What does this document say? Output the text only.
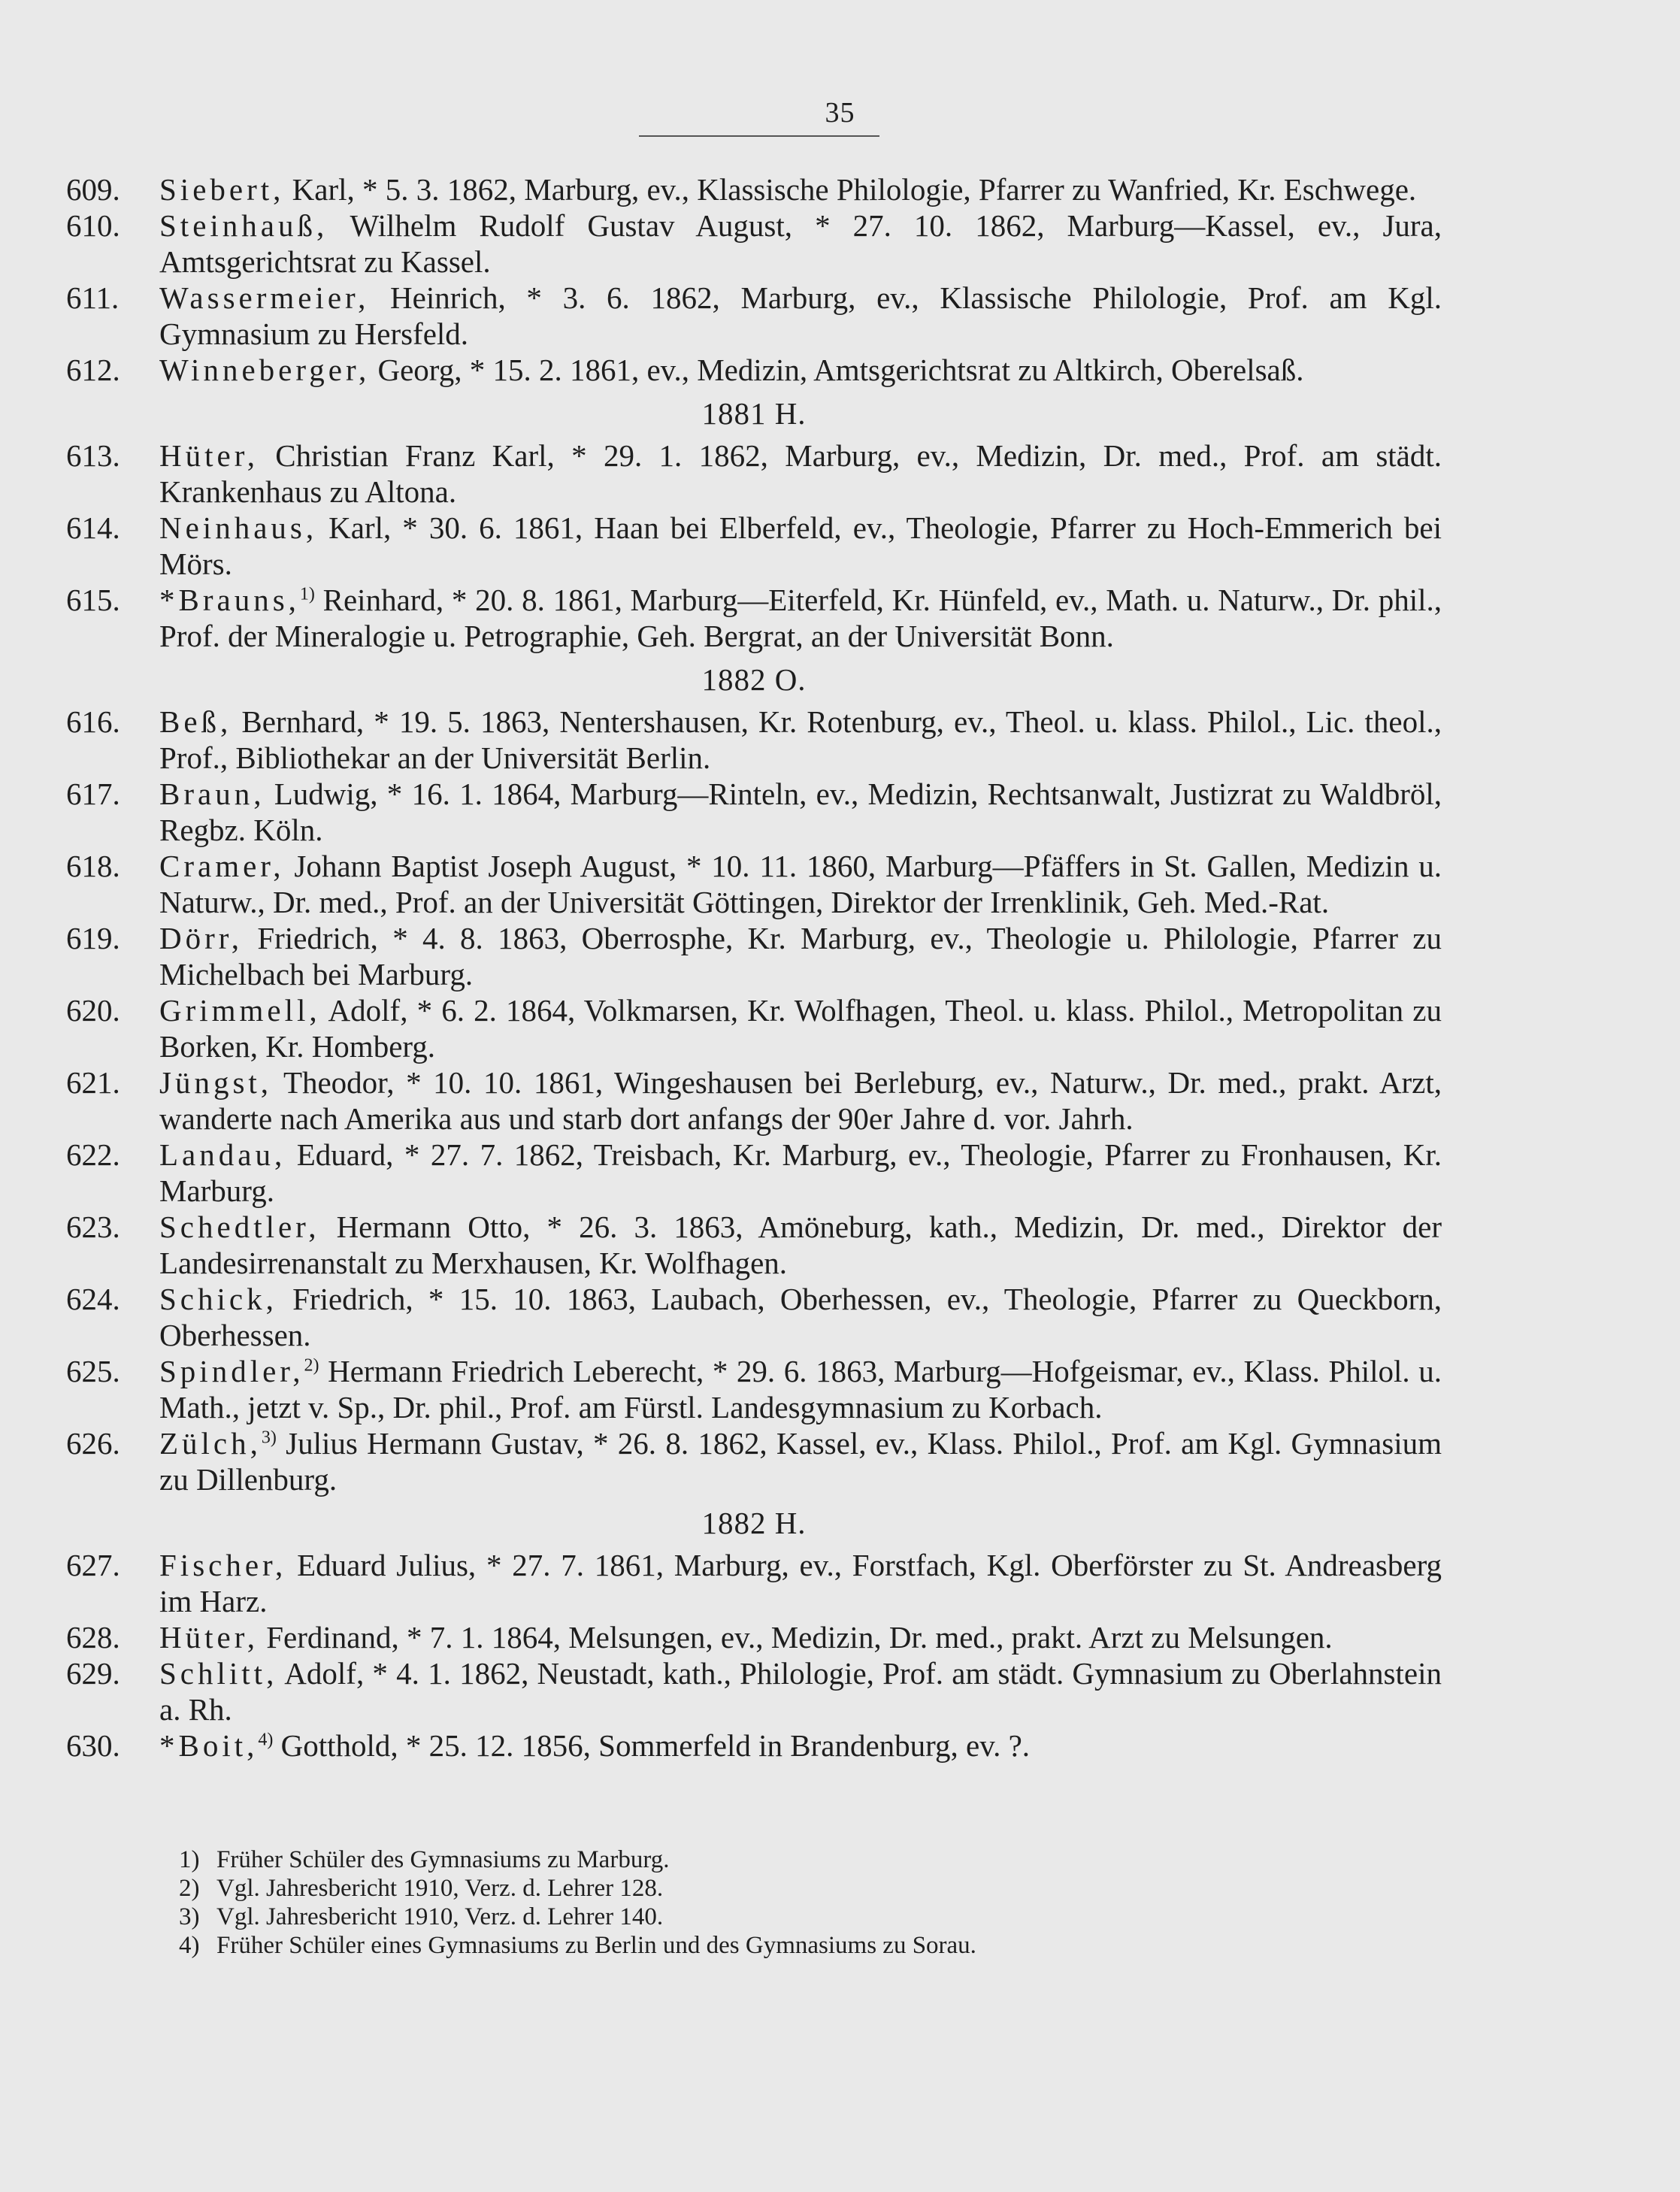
35
609. Siebert, Karl, * 5. 3. 1862, Marburg, ev., Klassische Philologie, Pfarrer zu Wanfried, Kr. Eschwege.
610. Steinhauß, Wilhelm Rudolf Gustav August, * 27. 10. 1862, Marburg—Kassel, ev., Jura, Amtsgerichtsrat zu Kassel.
611. Wassermeier, Heinrich, * 3. 6. 1862, Marburg, ev., Klassische Philologie, Prof. am Kgl. Gymnasium zu Hersfeld.
612. Winneberger, Georg, * 15. 2. 1861, ev., Medizin, Amtsgerichtsrat zu Altkirch, Oberelsaß.
1881 H.
613. Hüter, Christian Franz Karl, * 29. 1. 1862, Marburg, ev., Medizin, Dr. med., Prof. am städt. Krankenhaus zu Altona.
614. Neinhaus, Karl, * 30. 6. 1861, Haan bei Elberfeld, ev., Theologie, Pfarrer zu Hoch-Emmerich bei Mörs.
615. *Brauns,$^{1)}$ Reinhard, * 20. 8. 1861, Marburg—Eiterfeld, Kr. Hünfeld, ev., Math. u. Naturw., Dr. phil., Prof. der Mineralogie u. Petrographie, Geh. Bergrat, an der Universität Bonn.
1882 O.
616. Beß, Bernhard, * 19. 5. 1863, Nentershausen, Kr. Rotenburg, ev., Theol. u. klass. Philol., Lic. theol., Prof., Bibliothekar an der Universität Berlin.
617. Braun, Ludwig, * 16. 1. 1864, Marburg—Rinteln, ev., Medizin, Rechtsanwalt, Justizrat zu Waldbröl, Regbz. Köln.
618. Cramer, Johann Baptist Joseph August, * 10. 11. 1860, Marburg—Pfäffers in St. Gallen, Medizin u. Naturw., Dr. med., Prof. an der Universität Göttingen, Direktor der Irrenklinik, Geh. Med.-Rat.
619. Dörr, Friedrich, * 4. 8. 1863, Oberrosphe, Kr. Marburg, ev., Theologie u. Philologie, Pfarrer zu Michelbach bei Marburg.
620. Grimmell, Adolf, * 6. 2. 1864, Volkmarsen, Kr. Wolfhagen, Theol. u. klass. Philol., Metropolitan zu Borken, Kr. Homberg.
621. Jüngst, Theodor, * 10. 10. 1861, Wingeshausen bei Berleburg, ev., Naturw., Dr. med., prakt. Arzt, wanderte nach Amerika aus und starb dort anfangs der 90er Jahre d. vor. Jahrh.
622. Landau, Eduard, * 27. 7. 1862, Treisbach, Kr. Marburg, ev., Theologie, Pfarrer zu Fronhausen, Kr. Marburg.
623. Schedtler, Hermann Otto, * 26. 3. 1863, Amöneburg, kath., Medizin, Dr. med., Direktor der Landesirrenanstalt zu Merxhausen, Kr. Wolfhagen.
624. Schick, Friedrich, * 15. 10. 1863, Laubach, Oberhessen, ev., Theologie, Pfarrer zu Queckborn, Oberhessen.
625. Spindler,$^{2)}$ Hermann Friedrich Leberecht, * 29. 6. 1863, Marburg—Hofgeismar, ev., Klass. Philol. u. Math., jetzt v. Sp., Dr. phil., Prof. am Fürstl. Landesgymnasium zu Korbach.
626. Zülch,$^{3)}$ Julius Hermann Gustav, * 26. 8. 1862, Kassel, ev., Klass. Philol., Prof. am Kgl. Gymnasium zu Dillenburg.
1882 H.
627. Fischer, Eduard Julius, * 27. 7. 1861, Marburg, ev., Forstfach, Kgl. Oberförster zu St. Andreasberg im Harz.
628. Hüter, Ferdinand, * 7. 1. 1864, Melsungen, ev., Medizin, Dr. med., prakt. Arzt zu Melsungen.
629. Schlitt, Adolf, * 4. 1. 1862, Neustadt, kath., Philologie, Prof. am städt. Gymnasium zu Oberlahnstein a. Rh.
630. *Boit,$^{4)}$ Gotthold, * 25. 12. 1856, Sommerfeld in Brandenburg, ev. ?.
1) Früher Schüler des Gymnasiums zu Marburg.
2) Vgl. Jahresbericht 1910, Verz. d. Lehrer 128.
3) Vgl. Jahresbericht 1910, Verz. d. Lehrer 140.
4) Früher Schüler eines Gymnasiums zu Berlin und des Gymnasiums zu Sorau.
